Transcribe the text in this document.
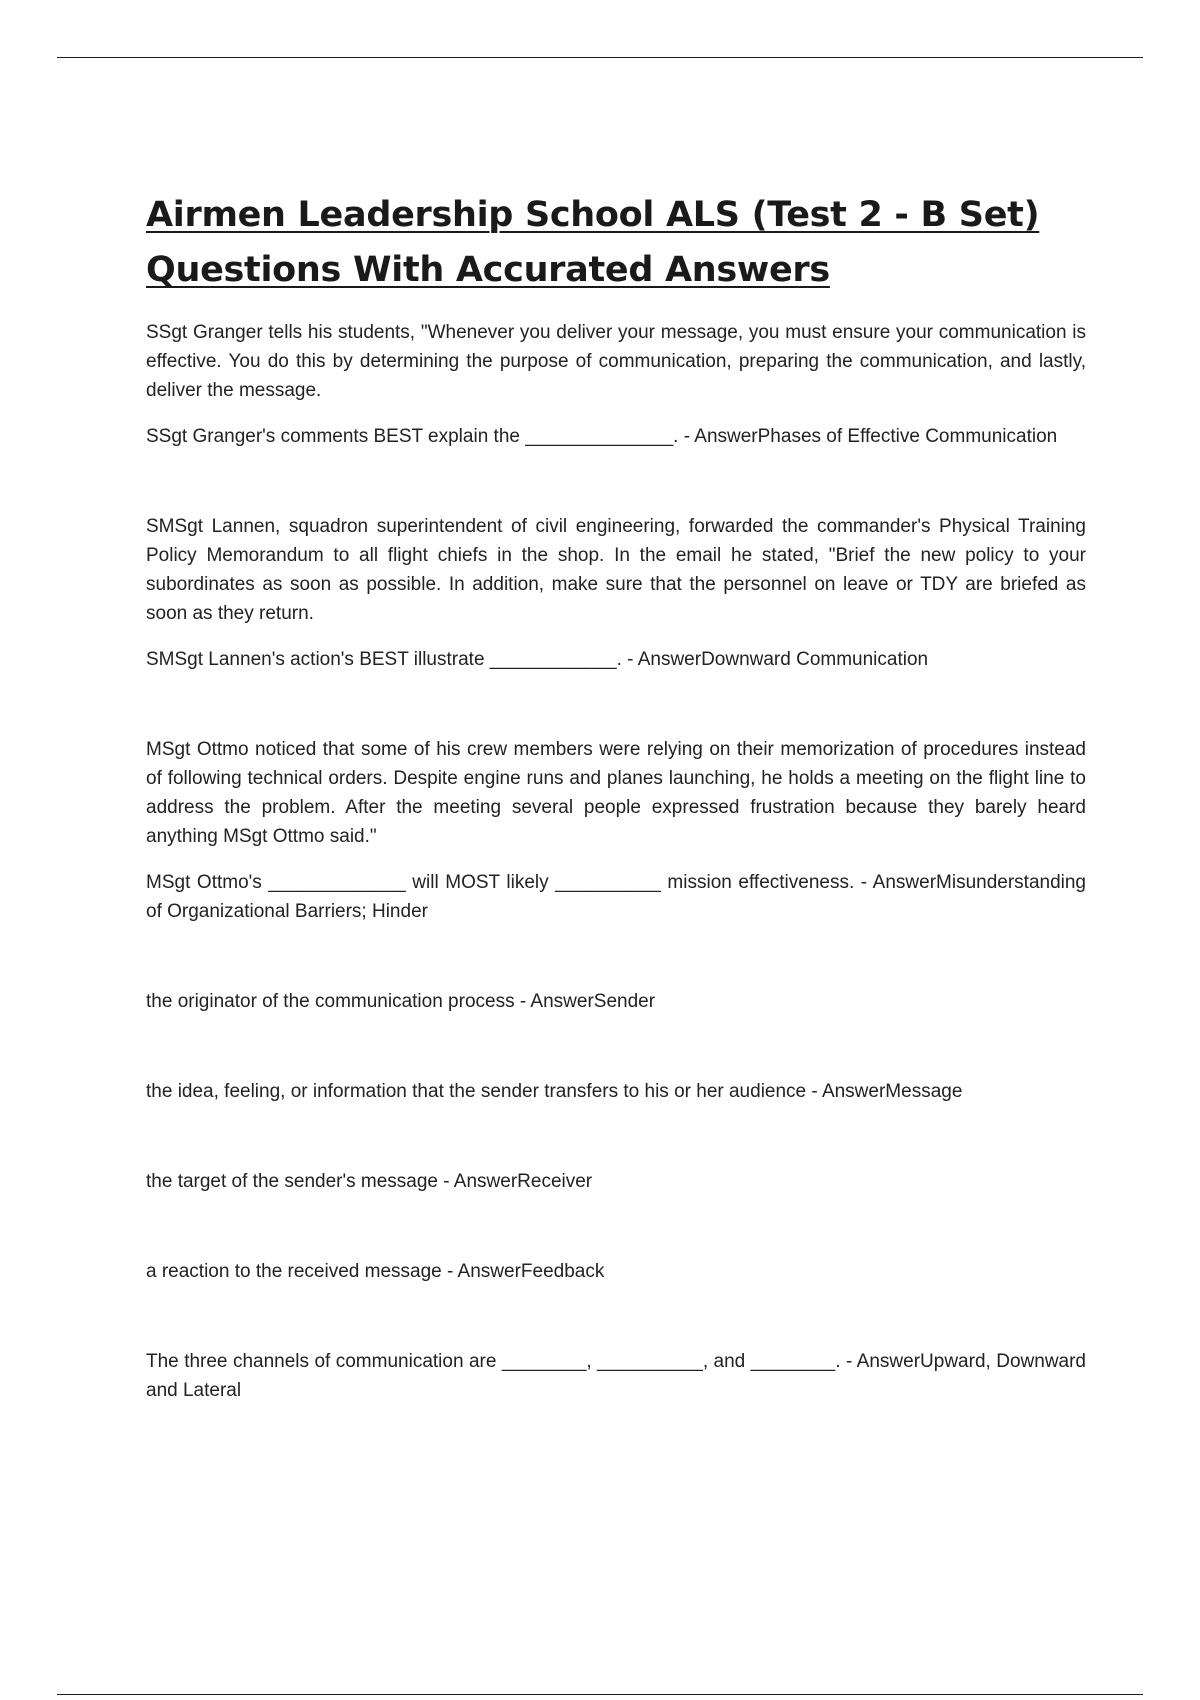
Airmen Leadership School ALS (Test 2 - B Set) Questions With Accurated Answers

SSgt Granger tells his students, "Whenever you deliver your message, you must ensure your communication is effective. You do this by determining the purpose of communication, preparing the communication, and lastly, deliver the message.

SSgt Granger's comments BEST explain the ______________. - AnswerPhases of Effective Communication

SMSgt Lannen, squadron superintendent of civil engineering, forwarded the commander's Physical Training Policy Memorandum to all flight chiefs in the shop. In the email he stated, "Brief the new policy to your subordinates as soon as possible. In addition, make sure that the personnel on leave or TDY are briefed as soon as they return.

SMSgt Lannen's action's BEST illustrate ____________. - AnswerDownward Communication

MSgt Ottmo noticed that some of his crew members were relying on their memorization of procedures instead of following technical orders. Despite engine runs and planes launching, he holds a meeting on the flight line to address the problem. After the meeting several people expressed frustration because they barely heard anything MSgt Ottmo said."

MSgt Ottmo's _____________ will MOST likely __________ mission effectiveness. - AnswerMisunderstanding of Organizational Barriers; Hinder

the originator of the communication process - AnswerSender

the idea, feeling, or information that the sender transfers to his or her audience - AnswerMessage

the target of the sender's message - AnswerReceiver

a reaction to the received message - AnswerFeedback

The three channels of communication are ________, __________, and ________. - AnswerUpward, Downward and Lateral
